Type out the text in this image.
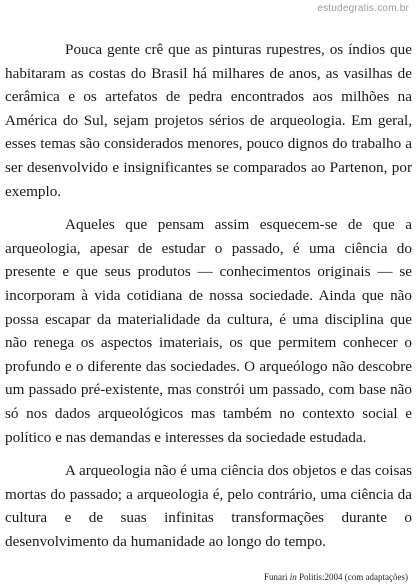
estudegratis.com.br

Pouca gente crê que as pinturas rupestres, os índios que habitaram as costas do Brasil há milhares de anos, as vasilhas de cerâmica e os artefatos de pedra encontrados aos milhões na América do Sul, sejam projetos sérios de arqueologia. Em geral, esses temas são considerados menores, pouco dignos do trabalho a ser desenvolvido e insignificantes se comparados ao Partenon, por exemplo.

Aqueles que pensam assim esquecem-se de que a arqueologia, apesar de estudar o passado, é uma ciência do presente e que seus produtos — conhecimentos originais — se incorporam à vida cotidiana de nossa sociedade. Ainda que não possa escapar da materialidade da cultura, é uma disciplina que não renega os aspectos imateriais, os que permitem conhecer o profundo e o diferente das sociedades. O arqueólogo não descobre um passado pré-existente, mas constrói um passado, com base não só nos dados arqueológicos mas também no contexto social e político e nas demandas e interesses da sociedade estudada.

A arqueologia não é uma ciência dos objetos e das coisas mortas do passado; a arqueologia é, pelo contrário, uma ciência da cultura e de suas infinitas transformações durante o desenvolvimento da humanidade ao longo do tempo.

Funari in Politis:2004 (com adaptações)
